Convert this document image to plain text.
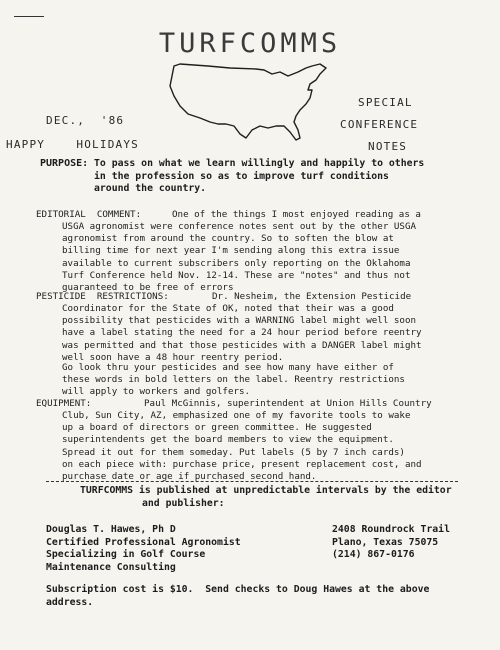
TURFCOMMS
DEC.,  '86
HAPPY    HOLIDAYS
SPECIAL
CONFERENCE
NOTES
PURPOSE: To pass on what we learn willingly and happily to others
in the profession so as to improve turf conditions
around the country.
EDITORIAL  COMMENT:	One of the things I most enjoyed reading as a
USGA agronomist were conference notes sent out by the other USGA
agronomist from around the country. So to soften the blow at
billing time for next year I'm sending along this extra issue
available to current subscribers only reporting on the Oklahoma
Turf Conference held Nov. 12-14. These are "notes" and thus not
guaranteed to be free of errors
PESTICIDE  RESTRICTIONS:	Dr. Nesheim, the Extension Pesticide
Coordinator for the State of OK, noted that their was a good
possibility that pesticides with a WARNING label might well soon
have a label stating the need for a 24 hour period before reentry
was permitted and that those pesticides with a DANGER label might
well soon have a 48 hour reentry period.
Go look thru your pesticides and see how many have either of
these words in bold letters on the label. Reentry restrictions
will apply to workers and golfers.
EQUIPMENT:	Paul McGinnis, superintendent at Union Hills Country
Club, Sun City, AZ, emphasized one of my favorite tools to wake
up a board of directors or green committee. He suggested
superintendents get the board members to view the equipment.
Spread it out for them someday. Put labels (5 by 7 inch cards)
on each piece with: purchase price, present replacement cost, and
purchase date or age if purchased second hand.
TURFCOMMS is published at unpredictable intervals by the editor
and publisher:
Douglas T. Hawes, Ph D
Certified Professional Agronomist
Specializing in Golf Course
Maintenance Consulting
2408 Roundrock Trail
Plano, Texas 75075
(214) 867-0176
Subscription cost is $10.  Send checks to Doug Hawes at the above
address.
